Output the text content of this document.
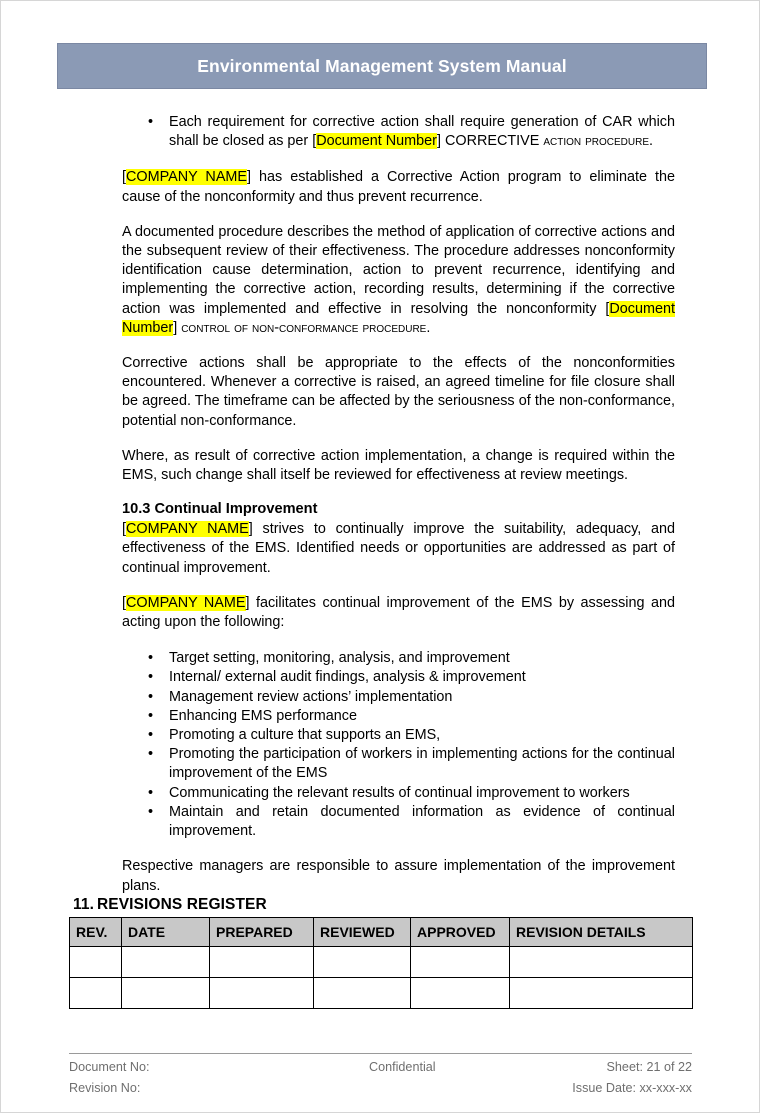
Environmental Management System Manual
• Each requirement for corrective action shall require generation of CAR which shall be closed as per [Document Number] CORRECTIVE action procedure.

[COMPANY NAME] has established a Corrective Action program to eliminate the cause of the nonconformity and thus prevent recurrence.

A documented procedure describes the method of application of corrective actions and the subsequent review of their effectiveness. The procedure addresses nonconformity identification cause determination, action to prevent recurrence, identifying and implementing the corrective action, recording results, determining if the corrective action was implemented and effective in resolving the nonconformity [Document Number] control of non-conformance procedure.

Corrective actions shall be appropriate to the effects of the nonconformities encountered. Whenever a corrective is raised, an agreed timeline for file closure shall be agreed. The timeframe can be affected by the seriousness of the non-conformance, potential non-conformance.

Where, as result of corrective action implementation, a change is required within the EMS, such change shall itself be reviewed for effectiveness at review meetings.

10.3 Continual Improvement

[COMPANY NAME] strives to continually improve the suitability, adequacy, and effectiveness of the EMS. Identified needs or opportunities are addressed as part of continual improvement.

[COMPANY NAME] facilitates continual improvement of the EMS by assessing and acting upon the following:

• Target setting, monitoring, analysis, and improvement
• Internal/ external audit findings, analysis & improvement
• Management review actions’ implementation
• Enhancing EMS performance
• Promoting a culture that supports an EMS,
• Promoting the participation of workers in implementing actions for the continual improvement of the EMS
• Communicating the relevant results of continual improvement to workers
• Maintain and retain documented information as evidence of continual improvement.

Respective managers are responsible to assure implementation of the improvement plans.

11. REVISIONS REGISTER
REV.	DATE	PREPARED	REVIEWED	APPROVED	REVISION DETAILS

Document No:	Confidential	Sheet: 21 of 22
Revision No:	Issue Date: xx-xxx-xx
